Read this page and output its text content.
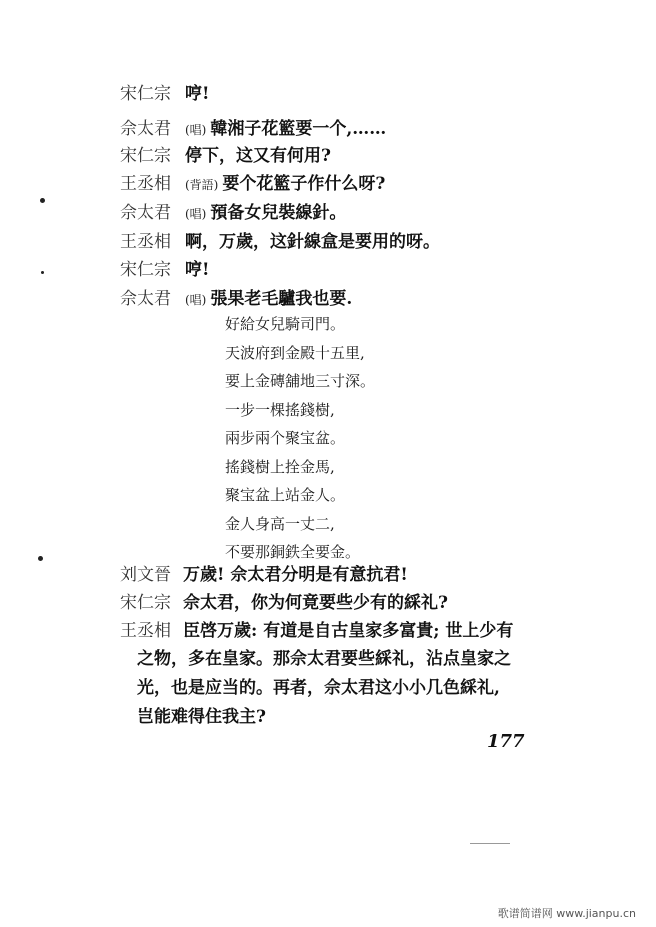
宋仁宗 哼!
佘太君 (唱) 韓湘子花籃要一个,……
宋仁宗 停下，这又有何用?
王丞相 (背語) 要个花籃子作什么呀?
佘太君 (唱) 預备女兒裝線針。
王丞相 啊，万歲，这針線盒是要用的呀。
宋仁宗 哼!
佘太君 (唱) 張果老毛驢我也要.
好給女兒騎司門。
天波府到金殿十五里,
要上金磚舖地三寸深。
一步一棵搖錢樹,
兩步兩个聚宝盆。
搖錢樹上拴金馬,
聚宝盆上站金人。
金人身高一丈二,
不要那銅鉄全要金。
刘文晉 万歲! 佘太君分明是有意抗君!
宋仁宗 佘太君，你为何竟要些少有的綵礼?
王丞相 臣啓万歲: 有道是自古皇家多富貴; 世上少有
之物，多在皇家。那佘太君要些綵礼，沾点皇家之
光，也是应当的。再者，佘太君这小小几色綵礼,
岂能难得住我主?
177
歌谱简谱网 www.jianpu.cn
